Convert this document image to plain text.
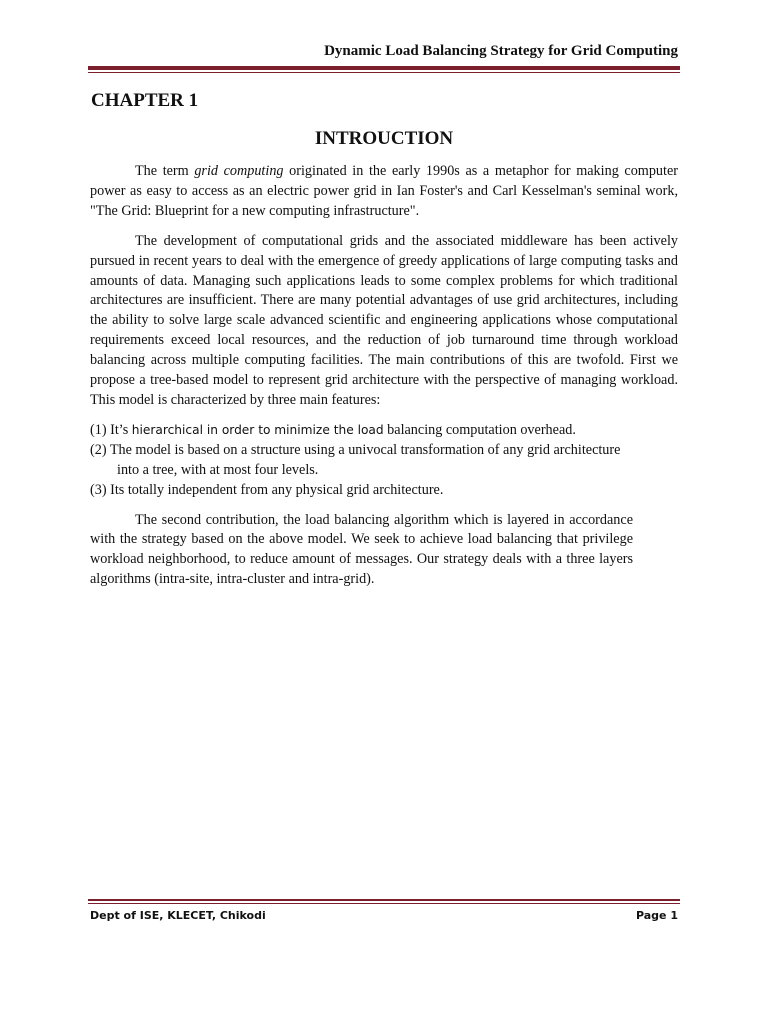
Dynamic Load Balancing Strategy for Grid Computing
CHAPTER 1
INTROUCTION

The term grid computing originated in the early 1990s as a metaphor for making computer power as easy to access as an electric power grid in Ian Foster's and Carl Kesselman's seminal work, "The Grid: Blueprint for a new computing infrastructure".

The development of computational grids and the associated middleware has been actively pursued in recent years to deal with the emergence of greedy applications of large computing tasks and amounts of data. Managing such applications leads to some complex problems for which traditional architectures are insufficient. There are many potential advantages of use grid architectures, including the ability to solve large scale advanced scientific and engineering applications whose computational requirements exceed local resources, and the reduction of job turnaround time through workload balancing across multiple computing facilities. The main contributions of this are twofold. First we propose a tree-based model to represent grid architecture with the perspective of managing workload. This model is characterized by three main features:

(1) It’s hierarchical in order to minimize the load balancing computation overhead.

(2) The model is based on a structure using a univocal transformation of any grid architecture

into a tree, with at most four levels.

(3) Its totally independent from any physical grid architecture.

The second contribution, the load balancing algorithm which is layered in accordance with the strategy based on the above model. We seek to achieve load balancing that privilege workload neighborhood, to reduce amount of messages. Our strategy deals with a three layers algorithms (intra-site, intra-cluster and intra-grid).

Dept of ISE, KLECET, Chikodi	Page 1
